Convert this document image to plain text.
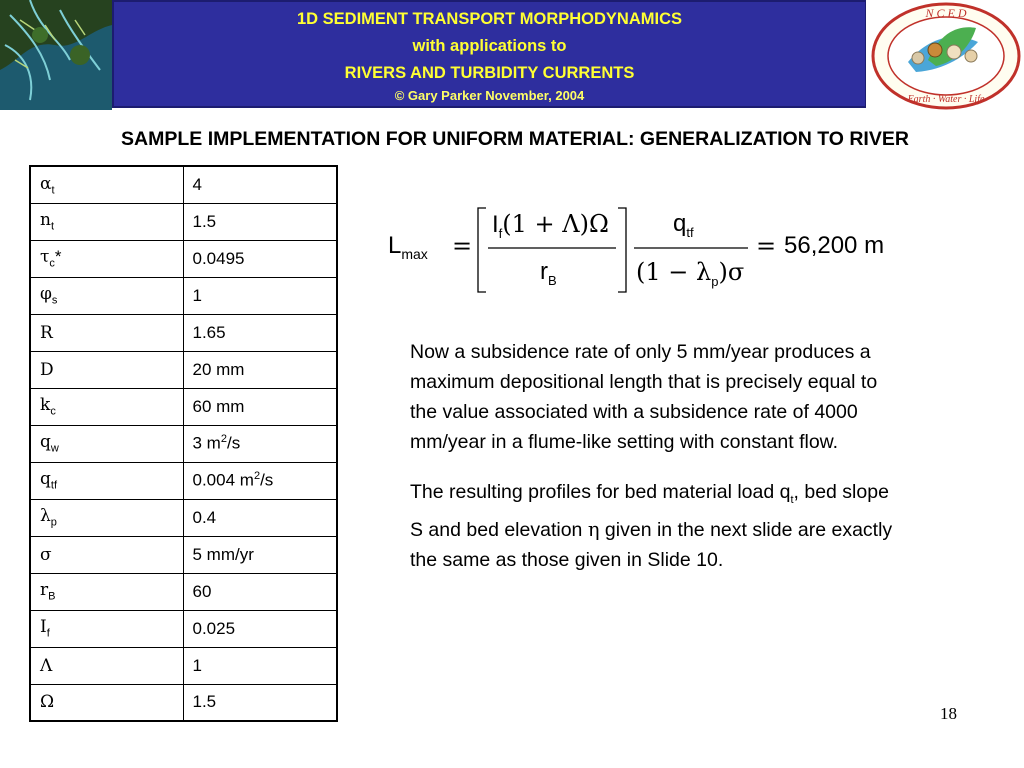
1D SEDIMENT TRANSPORT MORPHODYNAMICS
with applications to
RIVERS AND TURBIDITY CURRENTS
© Gary Parker November, 2004
N C E D
Earth · Water · Life
SAMPLE IMPLEMENTATION FOR UNIFORM MATERIAL: GENERALIZATION TO RIVER
$\alpha_t$	4
$n_t$	1.5
$\tau_c*$	0.0495
$\varphi_s$	1
R	1.65
D	20 mm
$k_c$	60 mm
$q_w$	3 $m^2/s$
$q_{tf}$	0.004 $m^2/s$
$\lambda_p$	0.4
σ	5 mm/yr
$r_B$	60
$I_f$	0.025
Λ	1
Ω	1.5
$L_{max}$ =
$I_f(1 + \Lambda)\Omega$
$r_B$
$q_{tf}$
$(1 - \lambda_p)\sigma$
= 56,200 m

Now a subsidence rate of only 5 mm/year produces a maximum depositional length that is precisely equal to the value associated with a subsidence rate of 4000 mm/year in a flume-like setting with constant flow.

The resulting profiles for bed material load $q_t$, bed slope S and bed elevation η given in the next slide are exactly the same as those given in Slide 10.

18
